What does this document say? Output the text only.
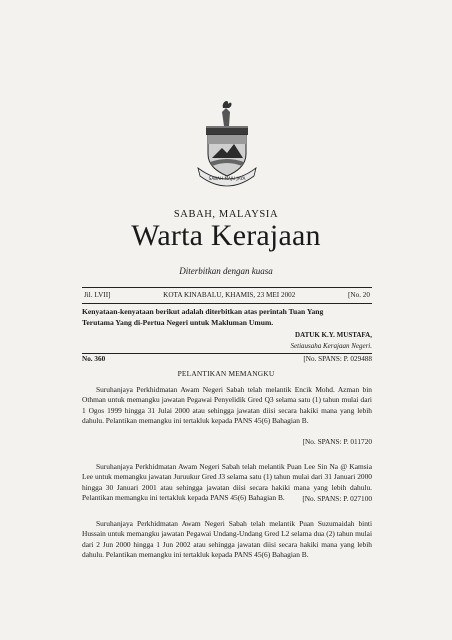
SABAH MAJU JAYA
SABAH, MALAYSIA
Warta Kerajaan
Diterbitkan dengan kuasa
Jil. LVII]	KOTA KINABALU, KHAMIS, 23 MEI 2002	[No. 20
Kenyataan-kenyataan berikut adalah diterbitkan atas perintah Tuan Yang
Terutama Yang di-Pertua Negeri untuk Makluman Umum.
DATUK K.Y. MUSTAFA,
Setiausaha Kerajaan Negeri.
No. 360	[No. SPANS: P. 029488
PELANTIKAN MEMANGKU
Suruhanjaya Perkhidmatan Awam Negeri Sabah telah melantik Encik Mohd. Azman bin Othman untuk memangku jawatan Pegawai Penyelidik Gred Q3 selama satu (1) tahun mulai dari 1 Ogos 1999 hingga 31 Julai 2000 atau sehingga jawatan diisi secara hakiki mana yang lebih dahulu. Pelantikan memangku ini tertakluk kepada PANS 45(6) Bahagian B.
[No. SPANS: P. 011720
Suruhanjaya Perkhidmatan Awam Negeri Sabah telah melantik Puan Lee Sin Na @ Kamsia Lee untuk memangku jawatan Juruukur Gred J3 selama satu (1) tahun mulai dari 31 Januari 2000 hingga 30 Januari 2001 atau sehingga jawatan diisi secara hakiki mana yang lebih dahulu. Pelantikan memangku ini tertakluk kepada PANS 45(6) Bahagian B.	[No. SPANS: P. 027100
Suruhanjaya Perkhidmatan Awam Negeri Sabah telah melantik Puan Suzumaidah binti Hussain untuk memangku jawatan Pegawai Undang-Undang Gred L2 selama dua (2) tahun mulai dari 2 Jun 2000 hingga 1 Jun 2002 atau sehingga jawatan diisi secara hakiki mana yang lebih dahulu. Pelantikan memangku ini tertakluk kepada PANS 45(6) Bahagian B.
